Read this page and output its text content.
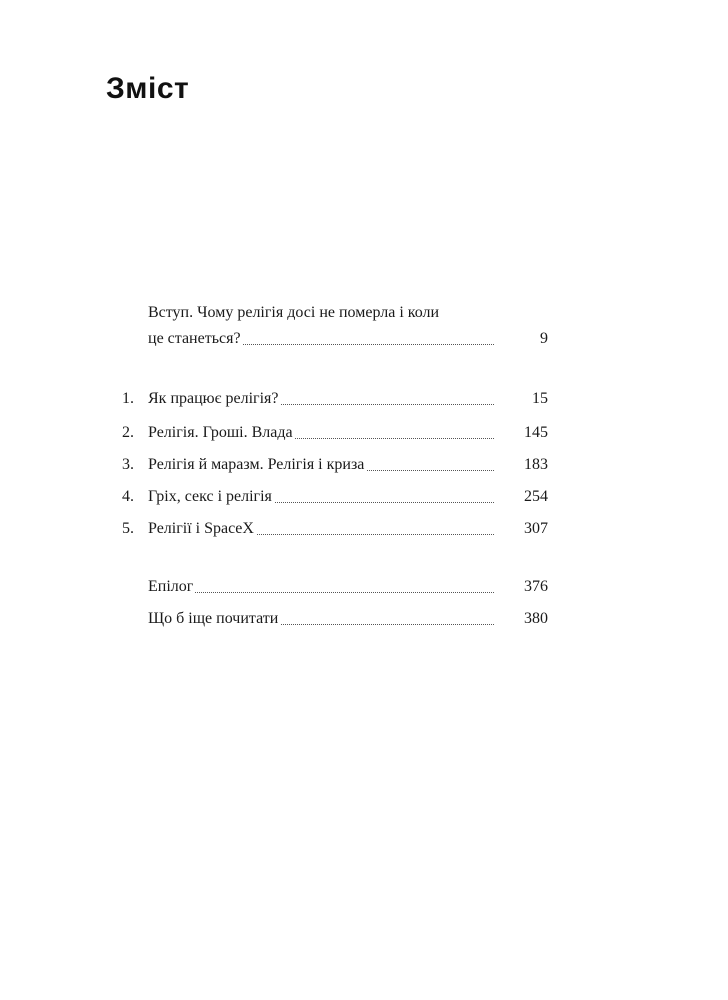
Зміст
Вступ. Чому релігія досі не померла і коли
це станеться?	9
1. Як працює релігія?	15
2. Релігія. Гроші. Влада	145
3. Релігія й маразм. Релігія і криза	183
4. Гріх, секс і релігія	254
5. Релігії і SpaceX	307
Епілог	376
Що б іще почитати	380
